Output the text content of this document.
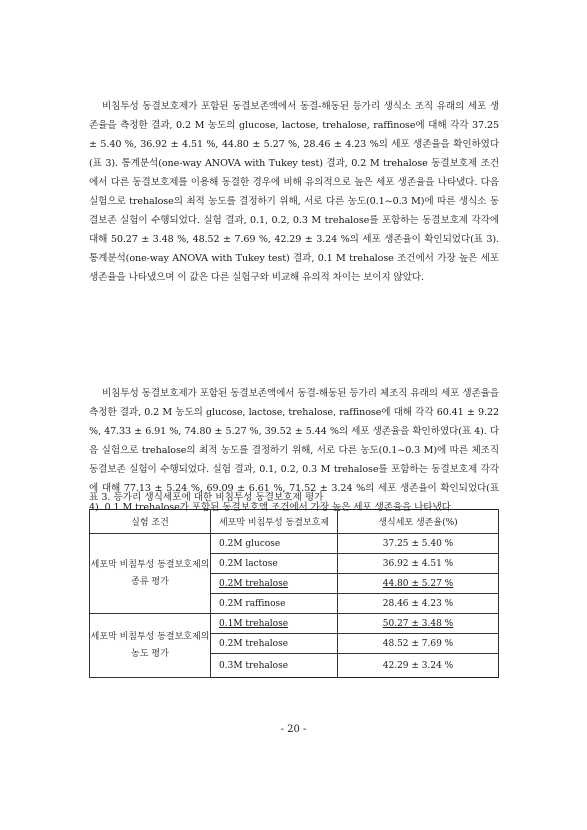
비침투성 동결보호제가 포함된 동결보존액에서 동결-해동된 등가리 생식소 조직 유래의 세포 생존율을 측정한 결과, 0.2 M 농도의 glucose, lactose, trehalose, raffinose에 대해 각각 37.25 ± 5.40 %, 36.92 ± 4.51 %, 44.80 ± 5.27 %, 28.46 ± 4.23 %의 세포 생존율을 확인하였다(표 3). 통계분석(one-way ANOVA with Tukey test) 결과, 0.2 M trehalose 동결보호제 조건에서 다른 동결보호제를 이용해 동결한 경우에 비해 유의적으로 높은 세포 생존율을 나타냈다. 다음 실험으로 trehalose의 최적 농도를 결정하기 위해, 서로 다른 농도(0.1~0.3 M)에 따른 생식소 동결보존 실험이 수행되었다. 실험 결과, 0.1, 0.2, 0.3 M trehalose를 포함하는 동결보호제 각각에 대해 50.27 ± 3.48 %, 48.52 ± 7.69 %, 42.29 ± 3.24 %의 세포 생존율이 확인되었다(표 3). 통계분석(one-way ANOVA with Tukey test) 결과, 0.1 M trehalose 조건에서 가장 높은 세포 생존율을 나타냈으며 이 값은 다른 실험구와 비교해 유의적 차이는 보이지 않았다.

비침투성 동결보호제가 포함된 동결보존액에서 동결-해동된 등가리 체조직 유래의 세포 생존율을 측정한 결과, 0.2 M 농도의 glucose, lactose, trehalose, raffinose에 대해 각각 60.41 ± 9.22 %, 47.33 ± 6.91 %, 74.80 ± 5.27 %, 39.52 ± 5.44 %의 세포 생존율을 확인하였다(표 4). 다음 실험으로 trehalose의 최적 농도를 결정하기 위해, 서로 다른 농도(0.1~0.3 M)에 따른 체조직 동결보존 실험이 수행되었다. 실험 결과, 0.1, 0.2, 0.3 M trehalose를 포함하는 동결보호제 각각에 대해 77.13 ± 5.24 %, 69.09 ± 6.61 %, 71.52 ± 3.24 %의 세포 생존율이 확인되었다(표 4). 0.1 M trehalose가 포함된 동결보호액 조건에서 가장 높은 세포 생존율을 나타냈다.

표 3. 등가리 생식세포에 대한 비침투성 동결보호제 평가

실험 조건	세포막 비침투성 동결보호제	생식세포 생존율(%)
세포막 비침투성 동결보호제의 종류 평가	0.2M glucose	37.25 ± 5.40 %
	0.2M lactose	36.92 ± 4.51 %
	0.2M trehalose	44.80 ± 5.27 %
	0.2M raffinose	28.46 ± 4.23 %
세포막 비침투성 동결보호제의 농도 평가	0.1M trehalose	50.27 ± 3.48 %
	0.2M trehalose	48.52 ± 7.69 %
	0.3M trehalose	42.29 ± 3.24 %
- 20 -
